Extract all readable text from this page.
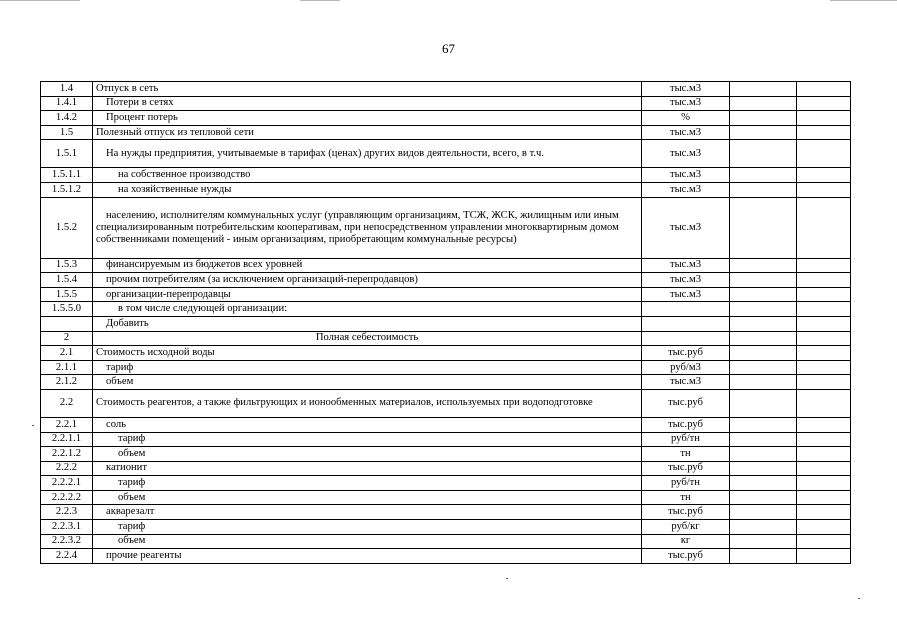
67
1.4	Отпуск в сеть	тыс.м3		
1.4.1	Потери в сетях	тыс.м3		
1.4.2	Процент потерь	%		
1.5	Полезный отпуск из тепловой сети	тыс.м3		
1.5.1	На нужды предприятия, учитываемые в тарифах (ценах) других видов деятельности, всего, в т.ч.	тыс.м3		
1.5.1.1	на собственное производство	тыс.м3		
1.5.1.2	на хозяйственные нужды	тыс.м3		
1.5.2	населению, исполнителям коммунальных услуг (управляющим организациям, ТСЖ, ЖСК, жилищным или иным специализированным потребительским кооперативам, при непосредственном управлении многоквартирным домом собственниками помещений - иным организациям, приобретающим коммунальные ресурсы)	тыс.м3		
1.5.3	финансируемым из бюджетов всех уровней	тыс.м3		
1.5.4	прочим потребителям (за исключением организаций-перепродавцов)	тыс.м3		
1.5.5	организации-перепродавцы	тыс.м3		
1.5.5.0	в том числе следующей организации:			

	Добавить			
2	Полная себестоимость			

2.1	Стоимость исходной воды	тыс.руб		
2.1.1	тариф	руб/м3		
2.1.2	объем	тыс.м3		
2.2	Стоимость реагентов, а также фильтрующих и ионообменных материалов, используемых при водоподготовке	тыс.руб		
2.2.1	соль	тыс.руб		
2.2.1.1	тариф	руб/тн		
2.2.1.2	объем	тн		
2.2.2	катионит	тыс.руб		
2.2.2.1	тариф	руб/тн		
2.2.2.2	объем	тн		
2.2.3	акварезалт	тыс.руб		
2.2.3.1	тариф	руб/кг		
2.2.3.2	объем	кг		
2.2.4	прочие реагенты	тыс.руб		
